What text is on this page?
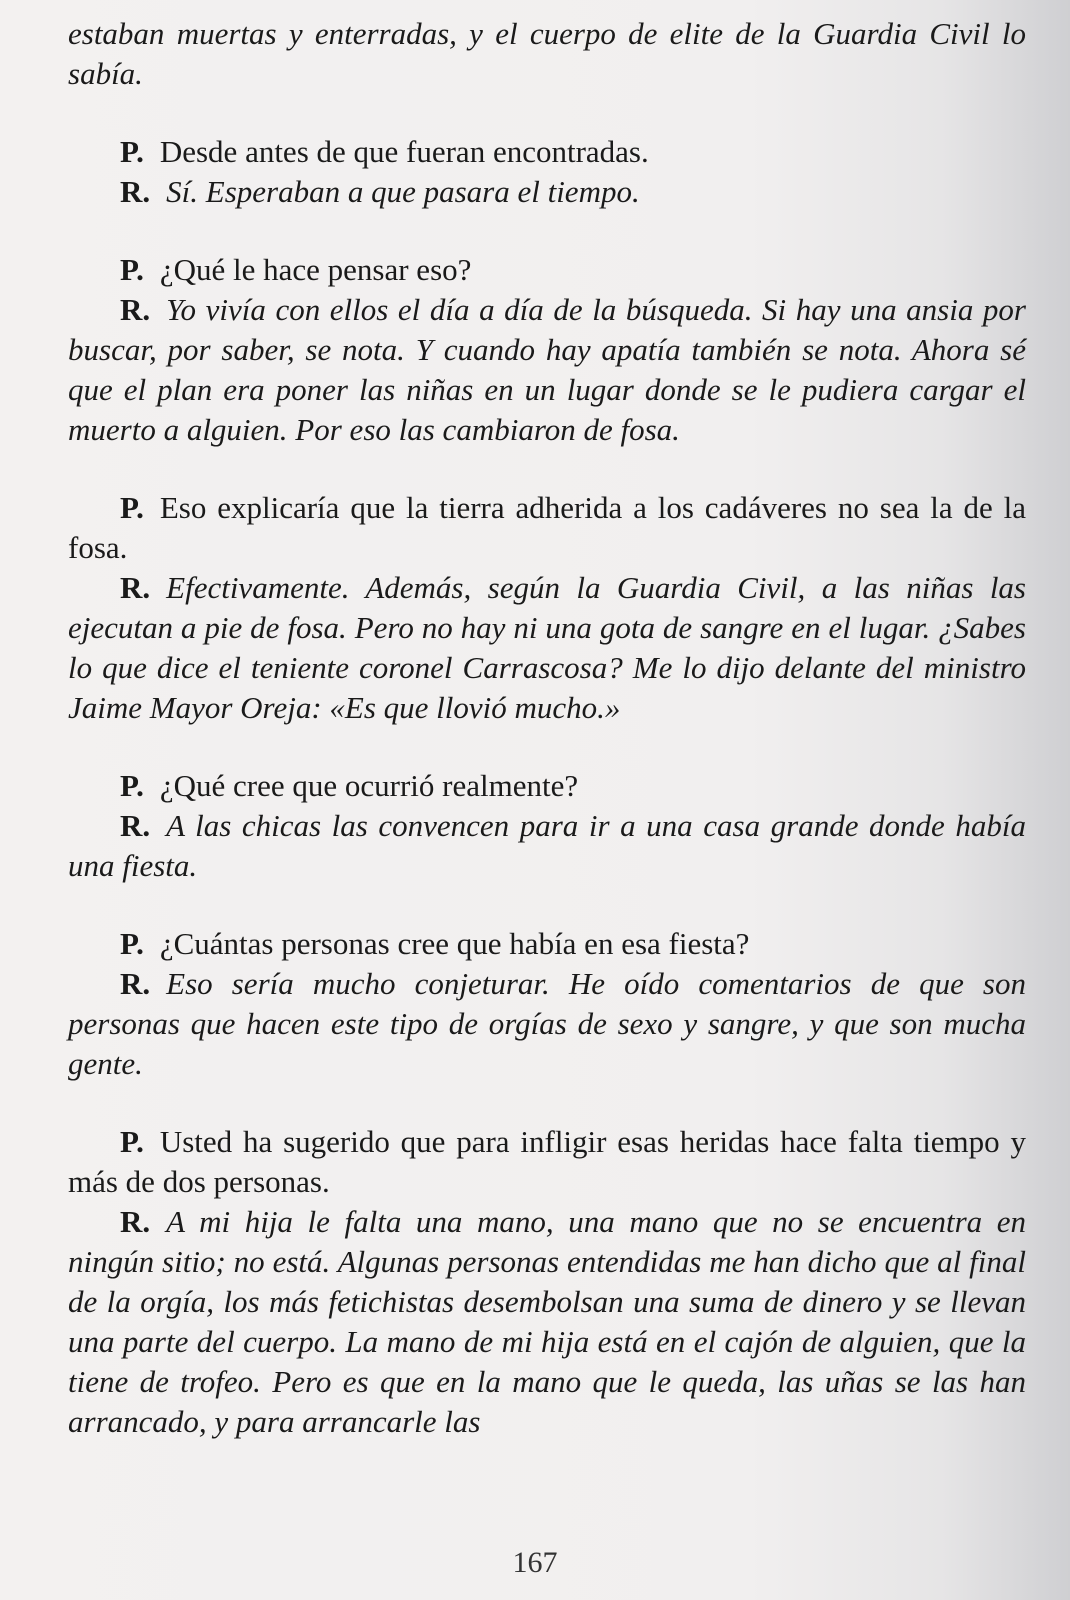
estaban muertas y enterradas, y el cuerpo de elite de la Guardia Civil lo sabía.

P. Desde antes de que fueran encontradas.

R. Sí. Esperaban a que pasara el tiempo.

P. ¿Qué le hace pensar eso?

R. Yo vivía con ellos el día a día de la búsqueda. Si hay una ansia por buscar, por saber, se nota. Y cuando hay apatía también se nota. Ahora sé que el plan era poner las niñas en un lugar donde se le pudiera cargar el muerto a alguien. Por eso las cambiaron de fosa.

P. Eso explicaría que la tierra adherida a los cadáveres no sea la de la fosa.

R. Efectivamente. Además, según la Guardia Civil, a las niñas las ejecutan a pie de fosa. Pero no hay ni una gota de sangre en el lugar. ¿Sabes lo que dice el teniente coronel Carrascosa? Me lo dijo delante del ministro Jaime Mayor Oreja: «Es que llovió mucho.»

P. ¿Qué cree que ocurrió realmente?

R. A las chicas las convencen para ir a una casa grande donde había una fiesta.

P. ¿Cuántas personas cree que había en esa fiesta?

R. Eso sería mucho conjeturar. He oído comentarios de que son personas que hacen este tipo de orgías de sexo y sangre, y que son mucha gente.

P. Usted ha sugerido que para infligir esas heridas hace falta tiempo y más de dos personas.

R. A mi hija le falta una mano, una mano que no se encuentra en ningún sitio; no está. Algunas personas entendidas me han dicho que al final de la orgía, los más fetichistas desembolsan una suma de dinero y se llevan una parte del cuerpo. La mano de mi hija está en el cajón de alguien, que la tiene de trofeo. Pero es que en la mano que le queda, las uñas se las han arrancado, y para arrancarle las

167
